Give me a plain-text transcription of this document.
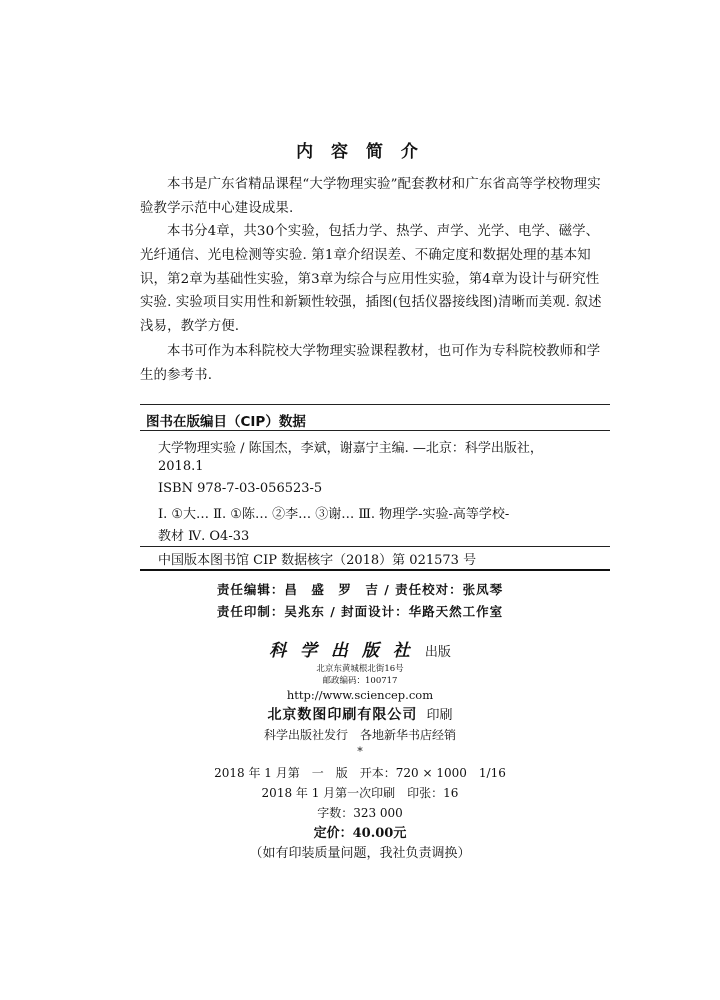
内 容 简 介
本书是广东省精品课程“大学物理实验”配套教材和广东省高等学校物理实验教学示范中心建设成果.
本书分4章，共30个实验，包括力学、热学、声学、光学、电学、磁学、光纤通信、光电检测等实验. 第1章介绍误差、不确定度和数据处理的基本知识，第2章为基础性实验，第3章为综合与应用性实验，第4章为设计与研究性实验. 实验项目实用性和新颖性较强，插图(包括仪器接线图)清晰而美观. 叙述浅易，教学方便.
本书可作为本科院校大学物理实验课程教材，也可作为专科院校教师和学生的参考书.
图书在版编目（CIP）数据
大学物理实验 / 陈国杰，李斌，谢嘉宁主编. —北京：科学出版社，
2018.1
ISBN 978-7-03-056523-5
Ⅰ. ①大… Ⅱ. ①陈… ②李… ③谢… Ⅲ. 物理学-实验-高等学校-
教材 Ⅳ. O4-33
中国版本图书馆 CIP 数据核字（2018）第 021573 号
责任编辑：昌　盛　罗　吉 / 责任校对：张凤琴
责任印制：吴兆东 / 封面设计：华路天然工作室
科 学 出 版 社 出版
北京东黄城根北街16号
邮政编码：100717
http://www.sciencep.com
北京数图印刷有限公司 印刷
科学出版社发行　各地新华书店经销
*
2018 年 1 月第　一　版　开本：720 × 1000　1/16
2018 年 1 月第一次印刷　印张：16
字数：323 000
定价：40.00元
（如有印装质量问题，我社负责调换）
